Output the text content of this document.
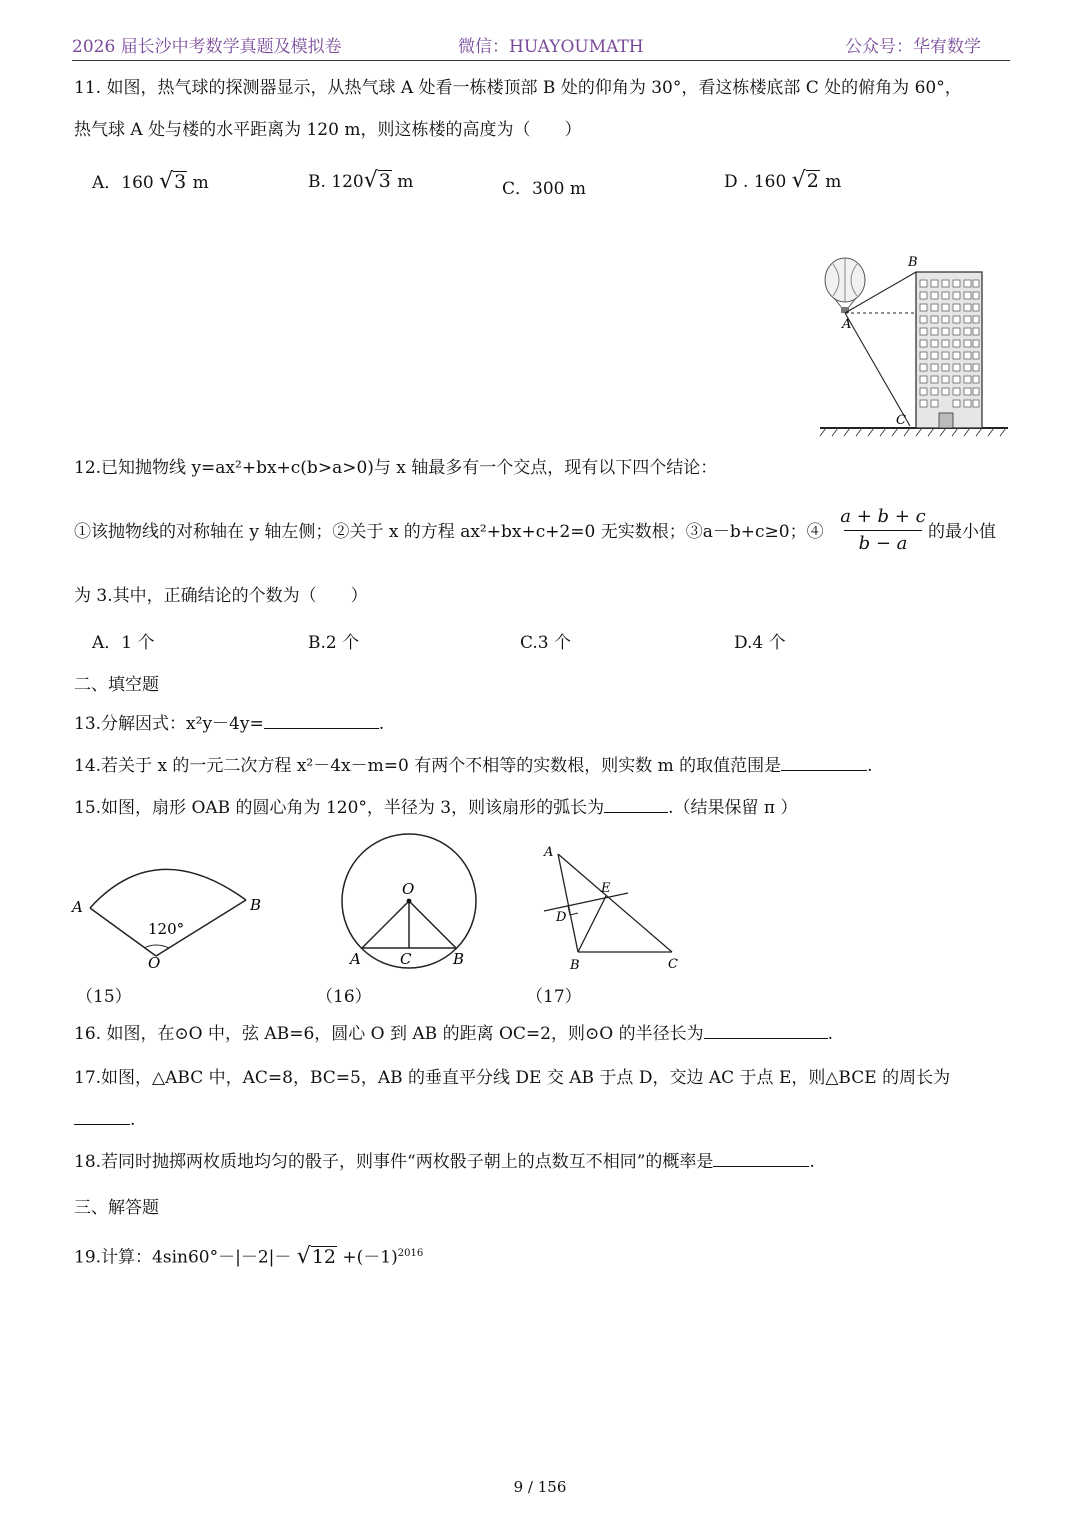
2026 届长沙中考数学真题及模拟卷	微信：HUAYOUMATH	公众号：华宥数学
11. 如图，热气球的探测器显示，从热气球 A 处看一栋楼顶部 B 处的仰角为 30°，看这栋楼底部 C 处的俯角为 60°，
热气球 A 处与楼的水平距离为 120 m，则这栋楼的高度为（　　）
A．160 √3 m	B. 120√3 m	C．300 m	D . 160 √2 m
A
B
C
12.已知抛物线 y=ax²+bx+c(b>a>0)与 x 轴最多有一个交点，现有以下四个结论：
①该抛物线的对称轴在 y 轴左侧；②关于 x 的方程 ax²+bx+c+2=0 无实数根；③a－b+c≥0；④
a + b + c
b − a
的最小值
为 3.其中，正确结论的个数为（　　）
A．1 个	B.2 个	C.3 个	D.4 个
二、填空题
13.分解因式：x²y－4y=	.
14.若关于 x 的一元二次方程 x²－4x－m=0 有两个不相等的实数根，则实数 m 的取值范围是	.
15.如图，扇形 OAB 的圆心角为 120°，半径为 3，则该扇形的弧长为	.（结果保留 π ）
A	B
O
120°
O
A	C	B
A
E
D
B	C
（15）	（16）	（17）
16. 如图，在⊙O 中，弦 AB=6，圆心 O 到 AB 的距离 OC=2，则⊙O 的半径长为	.
17.如图，△ABC 中，AC=8，BC=5，AB 的垂直平分线 DE 交 AB 于点 D，交边 AC 于点 E，则△BCE 的周长为
.
18.若同时抛掷两枚质地均匀的骰子，则事件“两枚骰子朝上的点数互不相同”的概率是	.
三、解答题
19.计算：$4\sin 60^\circ-|-2|- √12 +(-1)^{2016}$
9 / 156
